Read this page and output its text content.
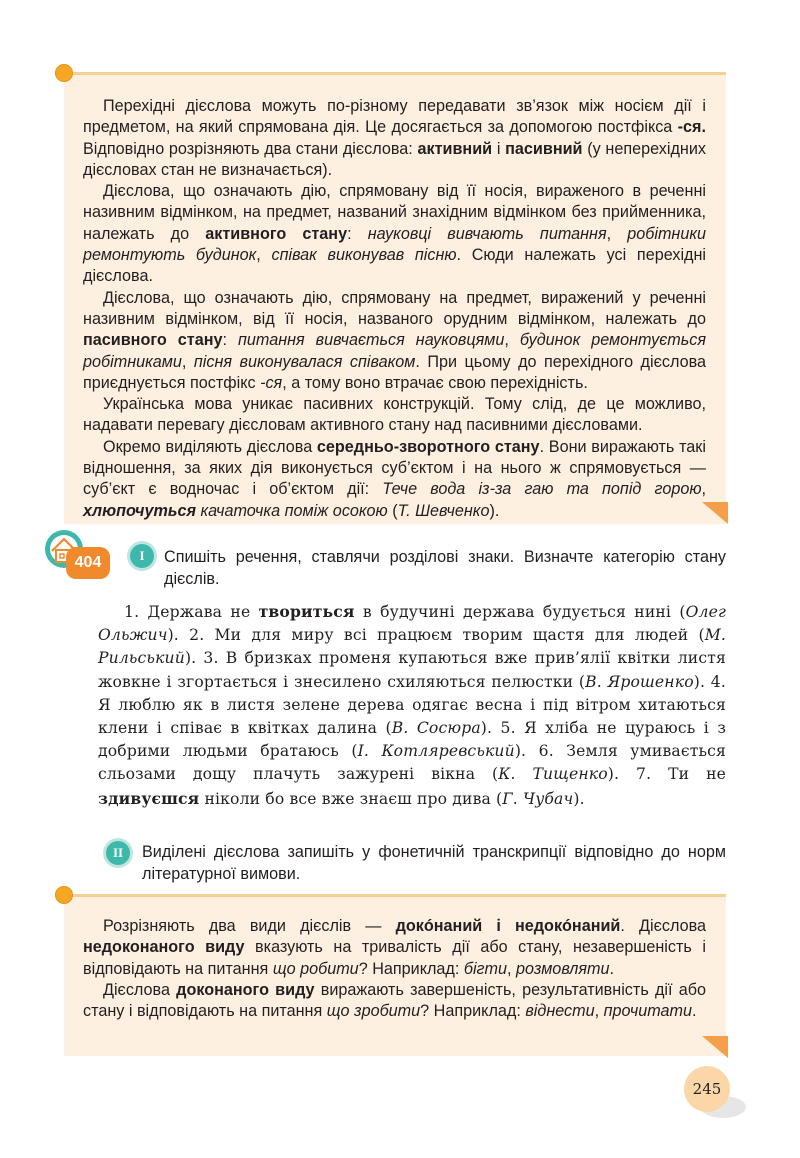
Перехідні дієслова можуть по-різному передавати зв’язок між носієм дії і предметом, на який спрямована дія. Це досягається за допомогою постфікса -ся. Відповідно розрізняють два стани дієслова: активний і пасивний (у неперехідних дієсловах стан не визначається).

Дієслова, що означають дію, спрямовану від її носія, вираженого в реченні називним відмінком, на предмет, названий знахідним відмінком без прийменника, належать до активного стану: науковці вивчають питання, робітники ремонтують будинок, співак виконував пісню. Сюди належать усі перехідні дієслова.

Дієслова, що означають дію, спрямовану на предмет, виражений у реченні називним відмінком, від її носія, названого орудним відмінком, належать до пасивного стану: питання вивчається науковцями, будинок ремонтується робітниками, пісня виконувалася співаком. При цьому до перехідного дієслова приєднується постфікс -ся, а тому воно втрачає свою перехідність.

Українська мова уникає пасивних конструкцій. Тому слід, де це можливо, надавати перевагу дієсловам активного стану над пасивними дієсловами.

Окремо виділяють дієслова середньо-зворотного стану. Вони виражають такі відношення, за яких дія виконується суб’єктом і на нього ж спрямовується — суб’єкт є водночас і об’єктом дії: Тече вода із-за гаю та попід горою, хлюпочуться качаточка поміж осокою (Т. Шевченко).

404	I	Спишіть речення, ставлячи розділові знаки. Визначте категорію стану дієслів.

1. Держава не твориться в будучині держава будується нині (Олег Ольжич). 2. Ми для миру всі працюєм творим щастя для людей (М. Рильський). 3. В бризках променя купаються вже прив’ялії квітки листя жовкне і згортається і знесилено схиляються пелюстки (В. Ярошенко). 4. Я люблю як в листя зелене дерева одягає весна і під вітром хитаються клени і співає в квітках далина (В. Сосюра). 5. Я хліба не цураюсь і з добрими людьми братаюсь (І. Котляревський). 6. Земля умивається сльозами дощу плачуть зажурені вікна (К. Тищенко). 7. Ти не здивуєшся ніколи бо все вже знаєш про дива (Г. Чубач).

II	Виділені дієслова запишіть у фонетичній транскрипції відповідно до норм літературної вимови.

Розрізняють два види дієслів — докóнаний і недокóнаний. Дієслова недоконаного виду вказують на тривалість дії або стану, незавершеність і відповідають на питання що робити? Наприклад: бігти, розмовляти.

Дієслова доконаного виду виражають завершеність, результативність дії або стану і відповідають на питання що зробити? Наприклад: віднести, прочитати.

245
